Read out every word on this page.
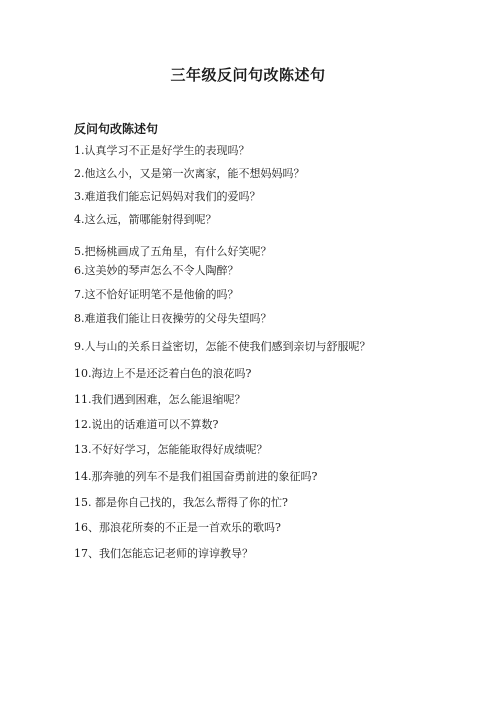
三年级反问句改陈述句
反问句改陈述句

1.认真学习不正是好学生的表现吗？

2.他这么小，又是第一次离家，能不想妈妈吗？

3.难道我们能忘记妈妈对我们的爱吗？

4.这么远，箭哪能射得到呢？

5.把杨桃画成了五角星，有什么好笑呢？

6.这美妙的琴声怎么不令人陶醉？

7.这不恰好证明笔不是他偷的吗？

8.难道我们能让日夜操劳的父母失望吗？

9.人与山的关系日益密切，怎能不使我们感到亲切与舒服呢？

10.海边上不是还泛着白色的浪花吗?

11.我们遇到困难，怎么能退缩呢？

12.说出的话难道可以不算数?

13.不好好学习，怎能能取得好成绩呢？

14.那奔驰的列车不是我们祖国奋勇前进的象征吗?

15. 都是你自己找的，我怎么帮得了你的忙?

16、那浪花所奏的不正是一首欢乐的歌吗?

17、我们怎能忘记老师的谆谆教导？
